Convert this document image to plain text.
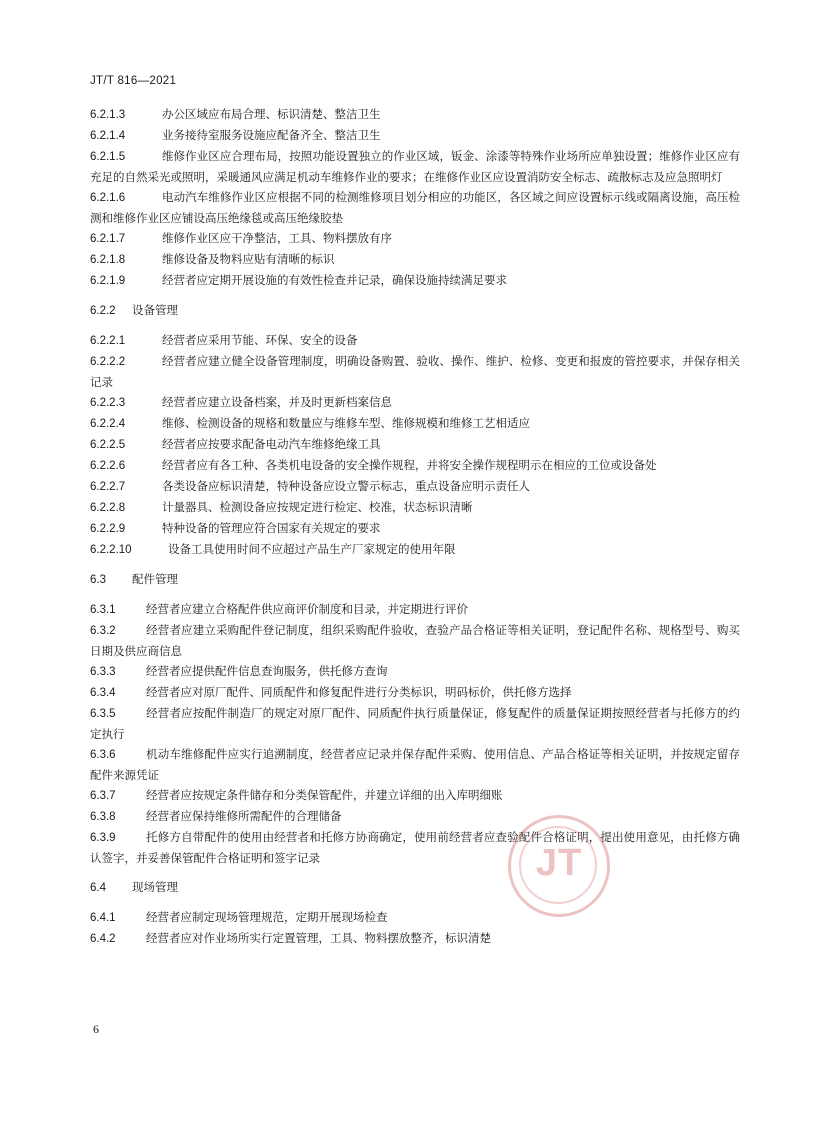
JT/T 816—2021
6.2.1.3	办公区域应布局合理、标识清楚、整洁卫生
6.2.1.4	业务接待室服务设施应配备齐全、整洁卫生
6.2.1.5	维修作业区应合理布局，按照功能设置独立的作业区域，钣金、涂漆等特殊作业场所应单独设置；维修作业区应有充足的自然采光或照明，采暖通风应满足机动车维修作业的要求；在维修作业区应设置消防安全标志、疏散标志及应急照明灯
6.2.1.6	电动汽车维修作业区应根据不同的检测维修项目划分相应的功能区，各区域之间应设置标示线或隔离设施，高压检测和维修作业区应铺设高压绝缘毯或高压绝缘胶垫
6.2.1.7	维修作业区应干净整洁，工具、物料摆放有序
6.2.1.8	维修设备及物料应贴有清晰的标识
6.2.1.9	经营者应定期开展设施的有效性检查并记录，确保设施持续满足要求
6.2.2 设备管理
6.2.2.1	经营者应采用节能、环保、安全的设备
6.2.2.2	经营者应建立健全设备管理制度，明确设备购置、验收、操作、维护、检修、变更和报废的管控要求，并保存相关记录
6.2.2.3	经营者应建立设备档案，并及时更新档案信息
6.2.2.4	维修、检测设备的规格和数量应与维修车型、维修规模和维修工艺相适应
6.2.2.5	经营者应按要求配备电动汽车维修绝缘工具
6.2.2.6	经营者应有各工种、各类机电设备的安全操作规程，并将安全操作规程明示在相应的工位或设备处
6.2.2.7	各类设备应标识清楚，特种设备应设立警示标志，重点设备应明示责任人
6.2.2.8	计量器具、检测设备应按规定进行检定、校准，状态标识清晰
6.2.2.9	特种设备的管理应符合国家有关规定的要求
6.2.2.10	设备工具使用时间不应超过产品生产厂家规定的使用年限
6.3 配件管理
6.3.1	经营者应建立合格配件供应商评价制度和目录，并定期进行评价
6.3.2	经营者应建立采购配件登记制度，组织采购配件验收，查验产品合格证等相关证明，登记配件名称、规格型号、购买日期及供应商信息
6.3.3	经营者应提供配件信息查询服务，供托修方查询
6.3.4	经营者应对原厂配件、同质配件和修复配件进行分类标识，明码标价，供托修方选择
6.3.5	经营者应按配件制造厂的规定对原厂配件、同质配件执行质量保证，修复配件的质量保证期按照经营者与托修方的约定执行
6.3.6	机动车维修配件应实行追溯制度，经营者应记录并保存配件采购、使用信息、产品合格证等相关证明，并按规定留存配件来源凭证
6.3.7	经营者应按规定条件储存和分类保管配件，并建立详细的出入库明细账
6.3.8	经营者应保持维修所需配件的合理储备
6.3.9	托修方自带配件的使用由经营者和托修方协商确定，使用前经营者应查验配件合格证明，提出使用意见，由托修方确认签字，并妥善保管配件合格证明和签字记录
6.4 现场管理
6.4.1	经营者应制定现场管理规范，定期开展现场检查
6.4.2	经营者应对作业场所实行定置管理，工具、物料摆放整齐，标识清楚
JT
6
